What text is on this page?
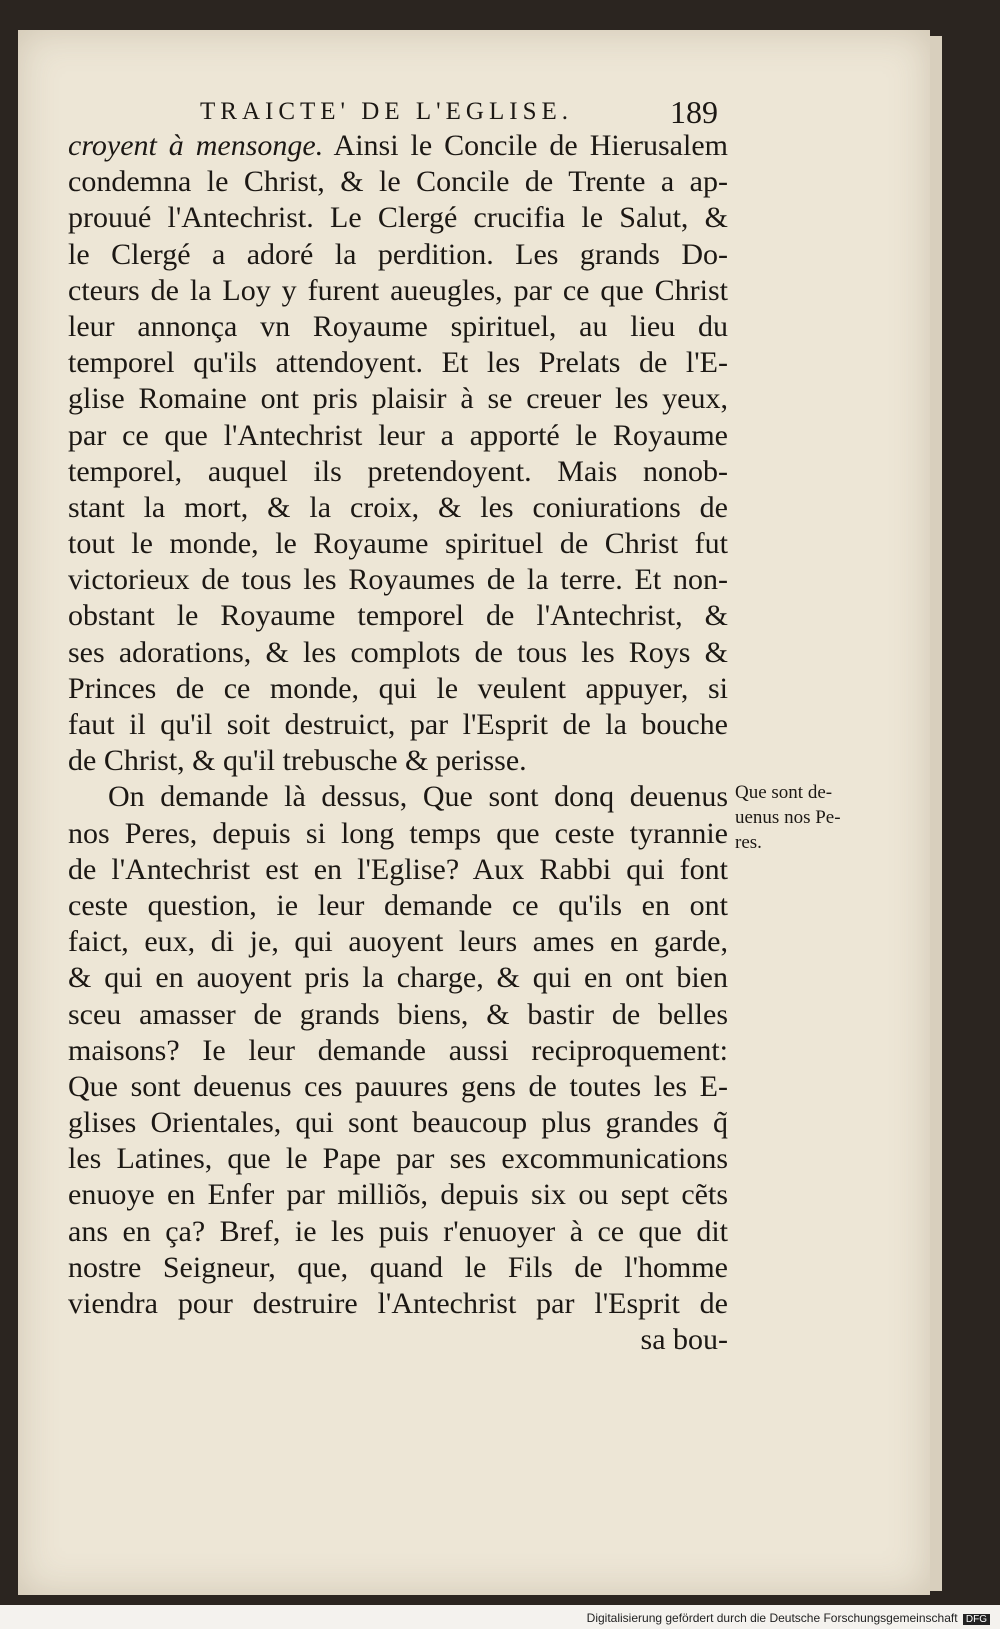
TRAICTE' DE L'EGLISE.	189
croyent à mensonge. Ainsi le Concile de Hierusalem
condemna le Christ, & le Concile de Trente a ap-
prouué l'Antechrist. Le Clergé crucifia le Salut, &
le Clergé a adoré la perdition. Les grands Do-
cteurs de la Loy y furent aueugles, par ce que Christ
leur annonça vn Royaume spirituel, au lieu du
temporel qu'ils attendoyent. Et les Prelats de l'E-
glise Romaine ont pris plaisir à se creuer les yeux,
par ce que l'Antechrist leur a apporté le Royaume
temporel, auquel ils pretendoyent. Mais nonob-
stant la mort, & la croix, & les coniurations de
tout le monde, le Royaume spirituel de Christ fut
victorieux de tous les Royaumes de la terre. Et non-
obstant le Royaume temporel de l'Antechrist, &
ses adorations, & les complots de tous les Roys &
Princes de ce monde, qui le veulent appuyer, si
faut il qu'il soit destruict, par l'Esprit de la bouche
de Christ, & qu'il trebusche & perisse.
On demande là dessus, Que sont donq deuenus
nos Peres, depuis si long temps que ceste tyrannie
de l'Antechrist est en l'Eglise? Aux Rabbi qui font
ceste question, ie leur demande ce qu'ils en ont
faict, eux, di je, qui auoyent leurs ames en garde,
& qui en auoyent pris la charge, & qui en ont bien
sceu amasser de grands biens, & bastir de belles
maisons? Ie leur demande aussi reciproquement:
Que sont deuenus ces pauures gens de toutes les E-
glises Orientales, qui sont beaucoup plus grandes q̃
les Latines, que le Pape par ses excommunications
enuoye en Enfer par milliõs, depuis six ou sept cẽts
ans en ça? Bref, ie les puis r'enuoyer à ce que dit
nostre Seigneur, que, quand le Fils de l'homme
viendra pour destruire l'Antechrist par l'Esprit de
sa bou-
Que sont de-
uenus nos Pe-
res.
Digitalisierung gefördert durch die Deutsche Forschungsgemeinschaft DFG
